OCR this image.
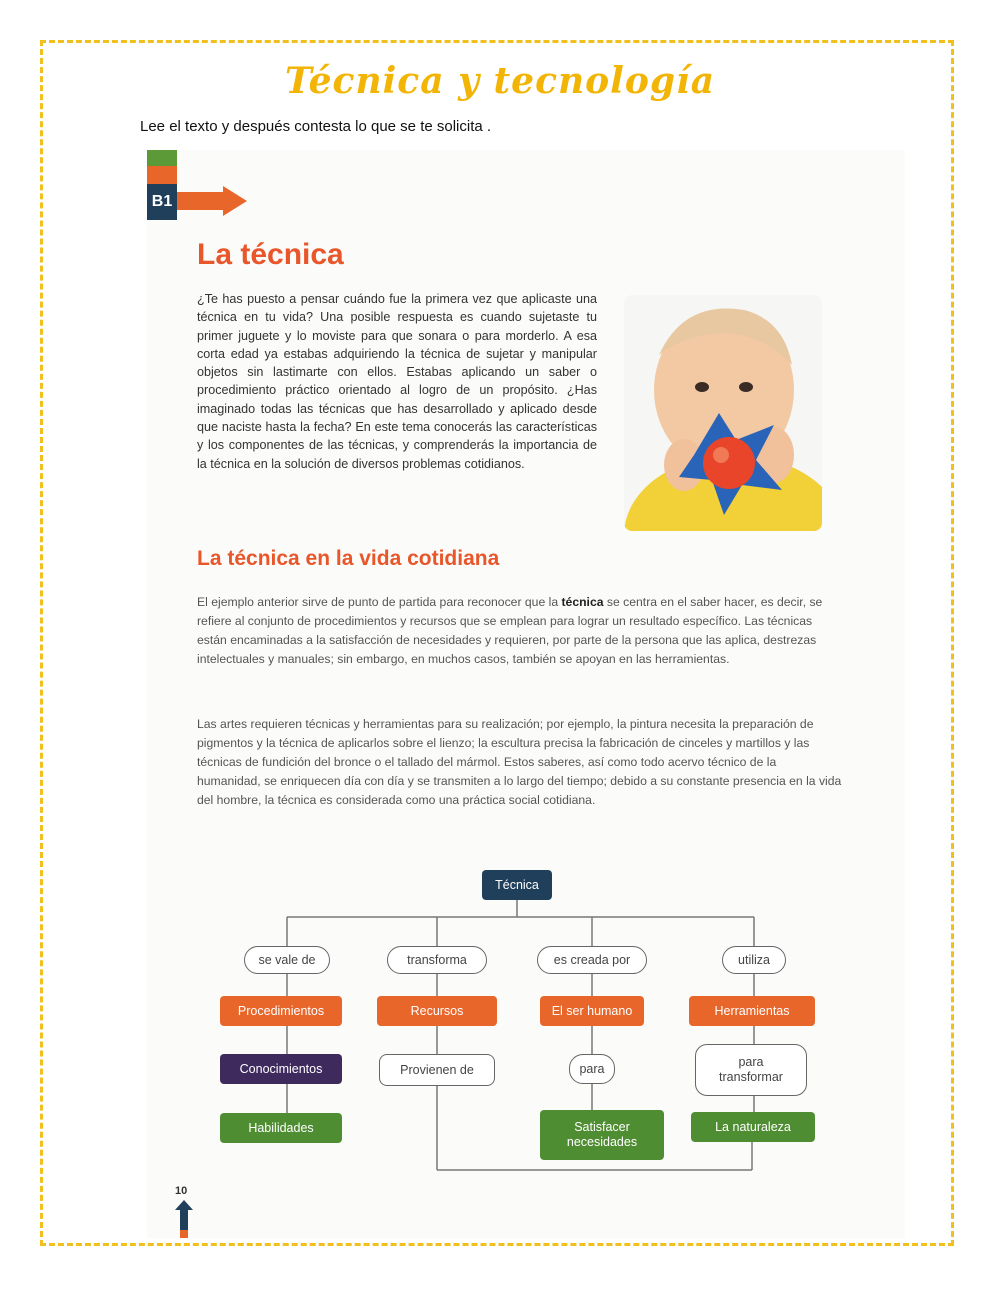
Técnica y tecnología
Lee el texto y después contesta lo que se te solicita .
B1
La técnica
¿Te has puesto a pensar cuándo fue la primera vez que aplicaste una técnica en tu vida? Una posible respuesta es cuando sujetaste tu primer juguete y lo moviste para que sonara o para morderlo. A esa corta edad ya estabas adquiriendo la técnica de sujetar y manipular objetos sin lastimarte con ellos. Estabas aplicando un saber o procedimiento práctico orientado al logro de un propósito. ¿Has imaginado todas las técnicas que has desarrollado y aplicado desde que naciste hasta la fecha? En este tema conocerás las características y los componentes de las técnicas, y comprenderás la importancia de la técnica en la solución de diversos problemas cotidianos.
La técnica en la vida cotidiana
El ejemplo anterior sirve de punto de partida para reconocer que la técnica se centra en el saber hacer, es decir, se refiere al conjunto de procedimientos y recursos que se emplean para lograr un resultado específico. Las técnicas están encaminadas a la satisfacción de necesidades y requieren, por parte de la persona que las aplica, destrezas intelectuales y manuales; sin embargo, en muchos casos, también se apoyan en las herramientas.
Las artes requieren técnicas y herramientas para su realización; por ejemplo, la pintura necesita la preparación de pigmentos y la técnica de aplicarlos sobre el lienzo; la escultura precisa la fabricación de cinceles y martillos y las técnicas de fundición del bronce o el tallado del mármol. Estos saberes, así como todo acervo técnico de la humanidad, se enriquecen día con día y se transmiten a lo largo del tiempo; debido a su constante presencia en la vida del hombre, la técnica es considerada como una práctica social cotidiana.
Técnica
se vale de	transforma	es creada por	utiliza
Procedimientos	Recursos	El ser humano	Herramientas
Conocimientos	Provienen de	para	para transformar
Habilidades	Satisfacer necesidades
La naturaleza
10
